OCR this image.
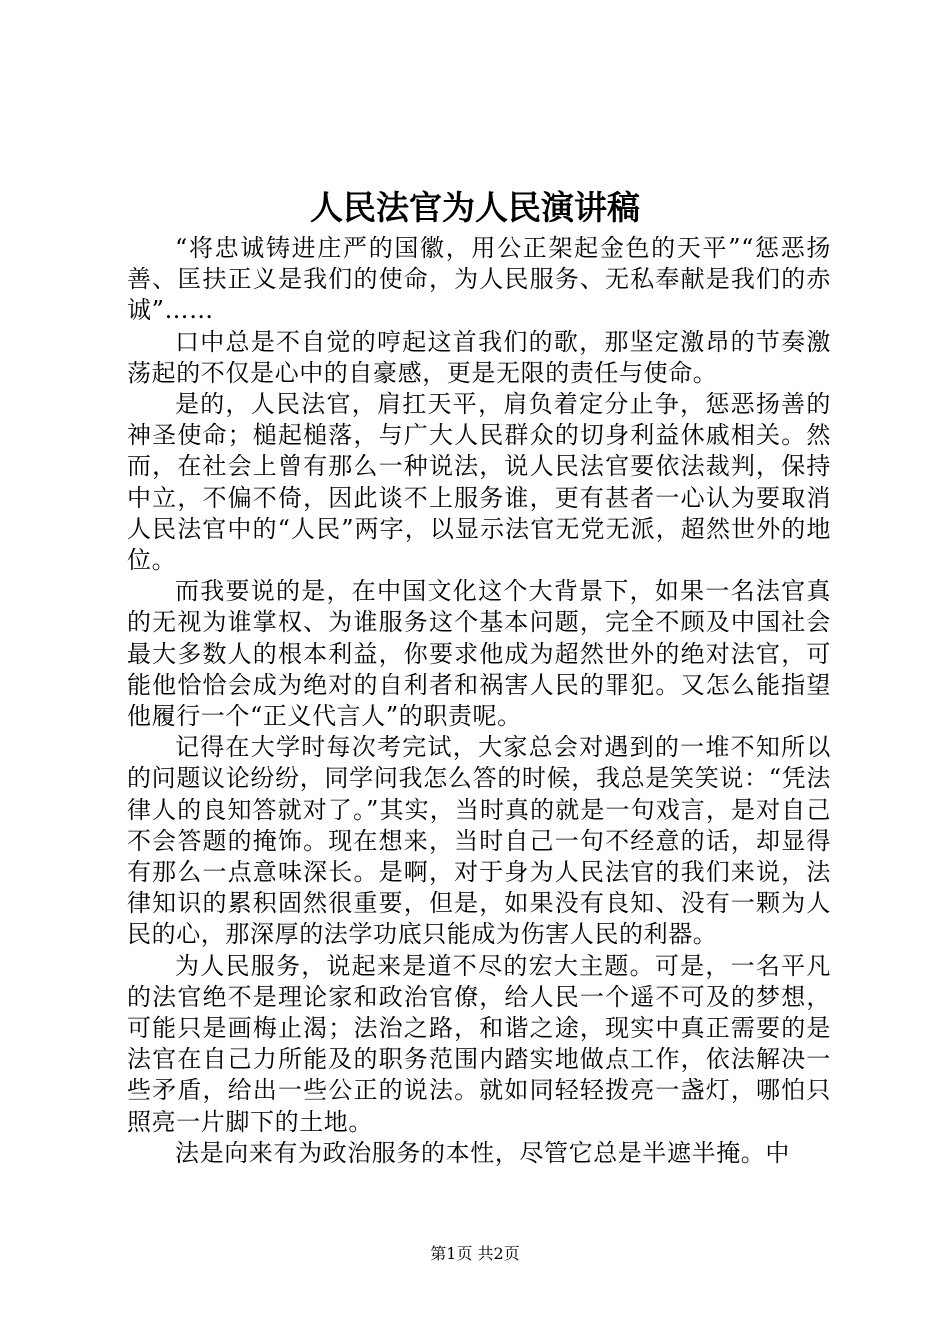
人民法官为人民演讲稿

“将忠诚铸进庄严的国徽，用公正架起金色的天平”“惩恶扬善、匡扶正义是我们的使命，为人民服务、无私奉献是我们的赤诚”……

口中总是不自觉的哼起这首我们的歌，那坚定激昂的节奏激荡起的不仅是心中的自豪感，更是无限的责任与使命。

是的，人民法官，肩扛天平，肩负着定分止争，惩恶扬善的神圣使命；槌起槌落，与广大人民群众的切身利益休戚相关。然而，在社会上曾有那么一种说法，说人民法官要依法裁判，保持中立，不偏不倚，因此谈不上服务谁，更有甚者一心认为要取消人民法官中的“人民”两字，以显示法官无党无派，超然世外的地位。

而我要说的是，在中国文化这个大背景下，如果一名法官真的无视为谁掌权、为谁服务这个基本问题，完全不顾及中国社会最大多数人的根本利益，你要求他成为超然世外的绝对法官，可能他恰恰会成为绝对的自利者和祸害人民的罪犯。又怎么能指望他履行一个“正义代言人”的职责呢。

记得在大学时每次考完试，大家总会对遇到的一堆不知所以的问题议论纷纷，同学问我怎么答的时候，我总是笑笑说：“凭法律人的良知答就对了。”其实，当时真的就是一句戏言，是对自己不会答题的掩饰。现在想来，当时自己一句不经意的话，却显得有那么一点意味深长。是啊，对于身为人民法官的我们来说，法律知识的累积固然很重要，但是，如果没有良知、没有一颗为人民的心，那深厚的法学功底只能成为伤害人民的利器。

为人民服务，说起来是道不尽的宏大主题。可是，一名平凡的法官绝不是理论家和政治官僚，给人民一个遥不可及的梦想，可能只是画梅止渴；法治之路，和谐之途，现实中真正需要的是法官在自己力所能及的职务范围内踏实地做点工作，依法解决一些矛盾，给出一些公正的说法。就如同轻轻拨亮一盏灯，哪怕只照亮一片脚下的土地。

法是向来有为政治服务的本性，尽管它总是半遮半掩。中

第1页 共2页
